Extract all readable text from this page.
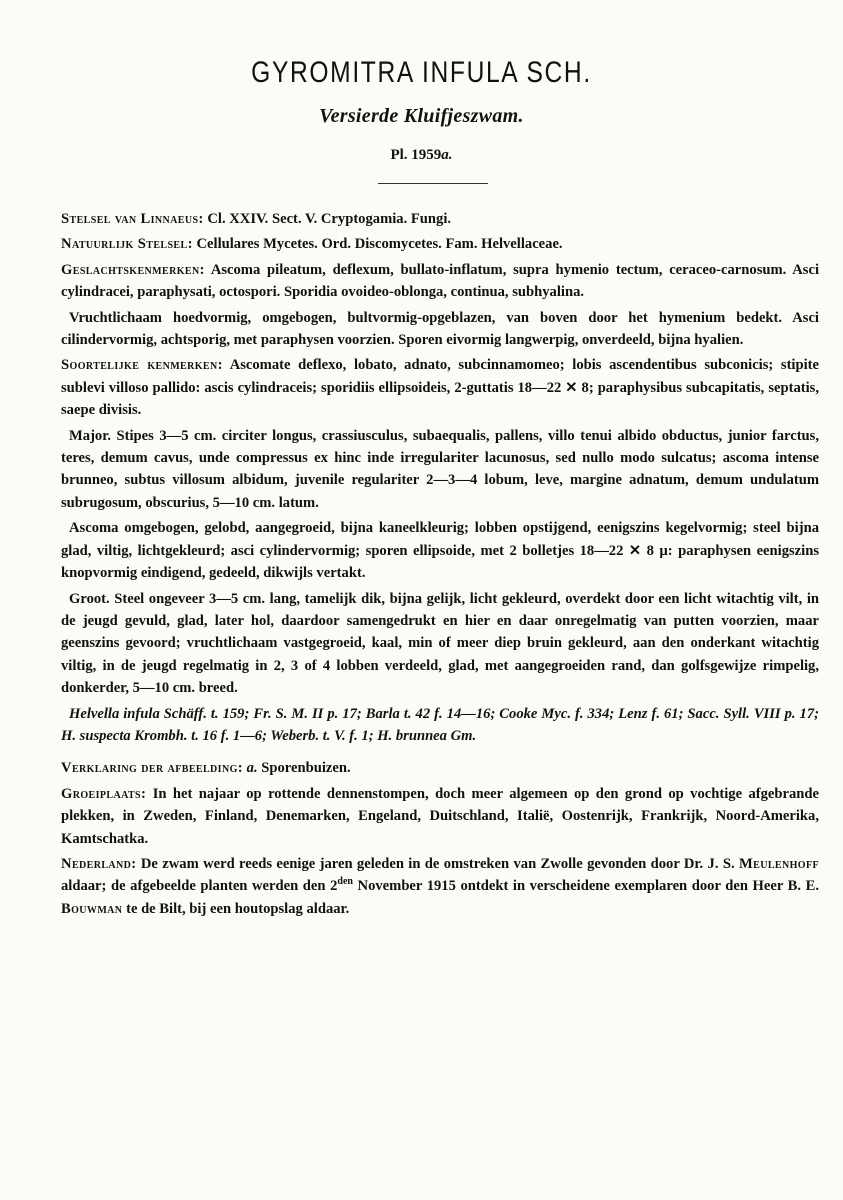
GYROMITRA INFULA SCH.
Versierde Kluifjeszwam.
Pl. 1959a.

Stelsel van Linnaeus: Cl. XXIV. Sect. V. Cryptogamia. Fungi.

Natuurlijk Stelsel: Cellulares Mycetes. Ord. Discomycetes. Fam. Helvellaceae.

Geslachtskenmerken: Ascoma pileatum, deflexum, bullato-inflatum, supra hymenio tectum, ceraceo-carnosum. Asci cylindracei, paraphysati, octospori. Sporidia ovoideo-oblonga, continua, subhyalina.

Vruchtlichaam hoedvormig, omgebogen, bultvormig-opgeblazen, van boven door het hymenium bedekt. Asci cilindervormig, achtsporig, met paraphysen voorzien. Sporen eivormig langwerpig, onverdeeld, bijna hyalien.

Soortelijke kenmerken: Ascomate deflexo, lobato, adnato, subcinnamomeo; lobis ascendentibus subconicis; stipite sublevi villoso pallido: ascis cylindraceis; sporidiis ellipsoideis, 2-guttatis 18—22 ✕ 8; paraphysibus subcapitatis, septatis, saepe divisis.

Major. Stipes 3—5 cm. circiter longus, crassiusculus, subaequalis, pallens, villo tenui albido obductus, junior farctus, teres, demum cavus, unde compressus ex hinc inde irregulariter lacunosus, sed nullo modo sulcatus; ascoma intense brunneo, subtus villosum albidum, juvenile regulariter 2—3—4 lobum, leve, margine adnatum, demum undulatum subrugosum, obscurius, 5—10 cm. latum.

Ascoma omgebogen, gelobd, aangegroeid, bijna kaneelkleurig; lobben opstijgend, eenigszins kegelvormig; steel bijna glad, viltig, lichtgekleurd; asci cylindervormig; sporen ellipsoide, met 2 bolletjes 18—22 ✕ 8 µ: paraphysen eenigszins knopvormig eindigend, gedeeld, dikwijls vertakt.

Groot. Steel ongeveer 3—5 cm. lang, tamelijk dik, bijna gelijk, licht gekleurd, overdekt door een licht witachtig vilt, in de jeugd gevuld, glad, later hol, daardoor samengedrukt en hier en daar onregelmatig van putten voorzien, maar geenszins gevoord; vruchtlichaam vastgegroeid, kaal, min of meer diep bruin gekleurd, aan den onderkant witachtig viltig, in de jeugd regelmatig in 2, 3 of 4 lobben verdeeld, glad, met aangegroeiden rand, dan golfsgewijze rimpelig, donkerder, 5—10 cm. breed.

Helvella infula Schäff. t. 159; Fr. S. M. II p. 17; Barla t. 42 f. 14—16; Cooke Myc. f. 334; Lenz f. 61; Sacc. Syll. VIII p. 17; H. suspecta Krombh. t. 16 f. 1—6; Weberb. t. V. f. 1; H. brunnea Gm.

Verklaring der afbeelding: a. Sporenbuizen.

Groeiplaats: In het najaar op rottende dennenstompen, doch meer algemeen op den grond op vochtige afgebrande plekken, in Zweden, Finland, Denemarken, Engeland, Duitschland, Italië, Oostenrijk, Frankrijk, Noord-Amerika, Kamtschatka.

Nederland: De zwam werd reeds eenige jaren geleden in de omstreken van Zwolle gevonden door Dr. J. S. Meulenhoff aldaar; de afgebeelde planten werden den $2^{den}$ November 1915 ontdekt in verscheidene exemplaren door den Heer B. E. Bouwman te de Bilt, bij een houtopslag aldaar.
